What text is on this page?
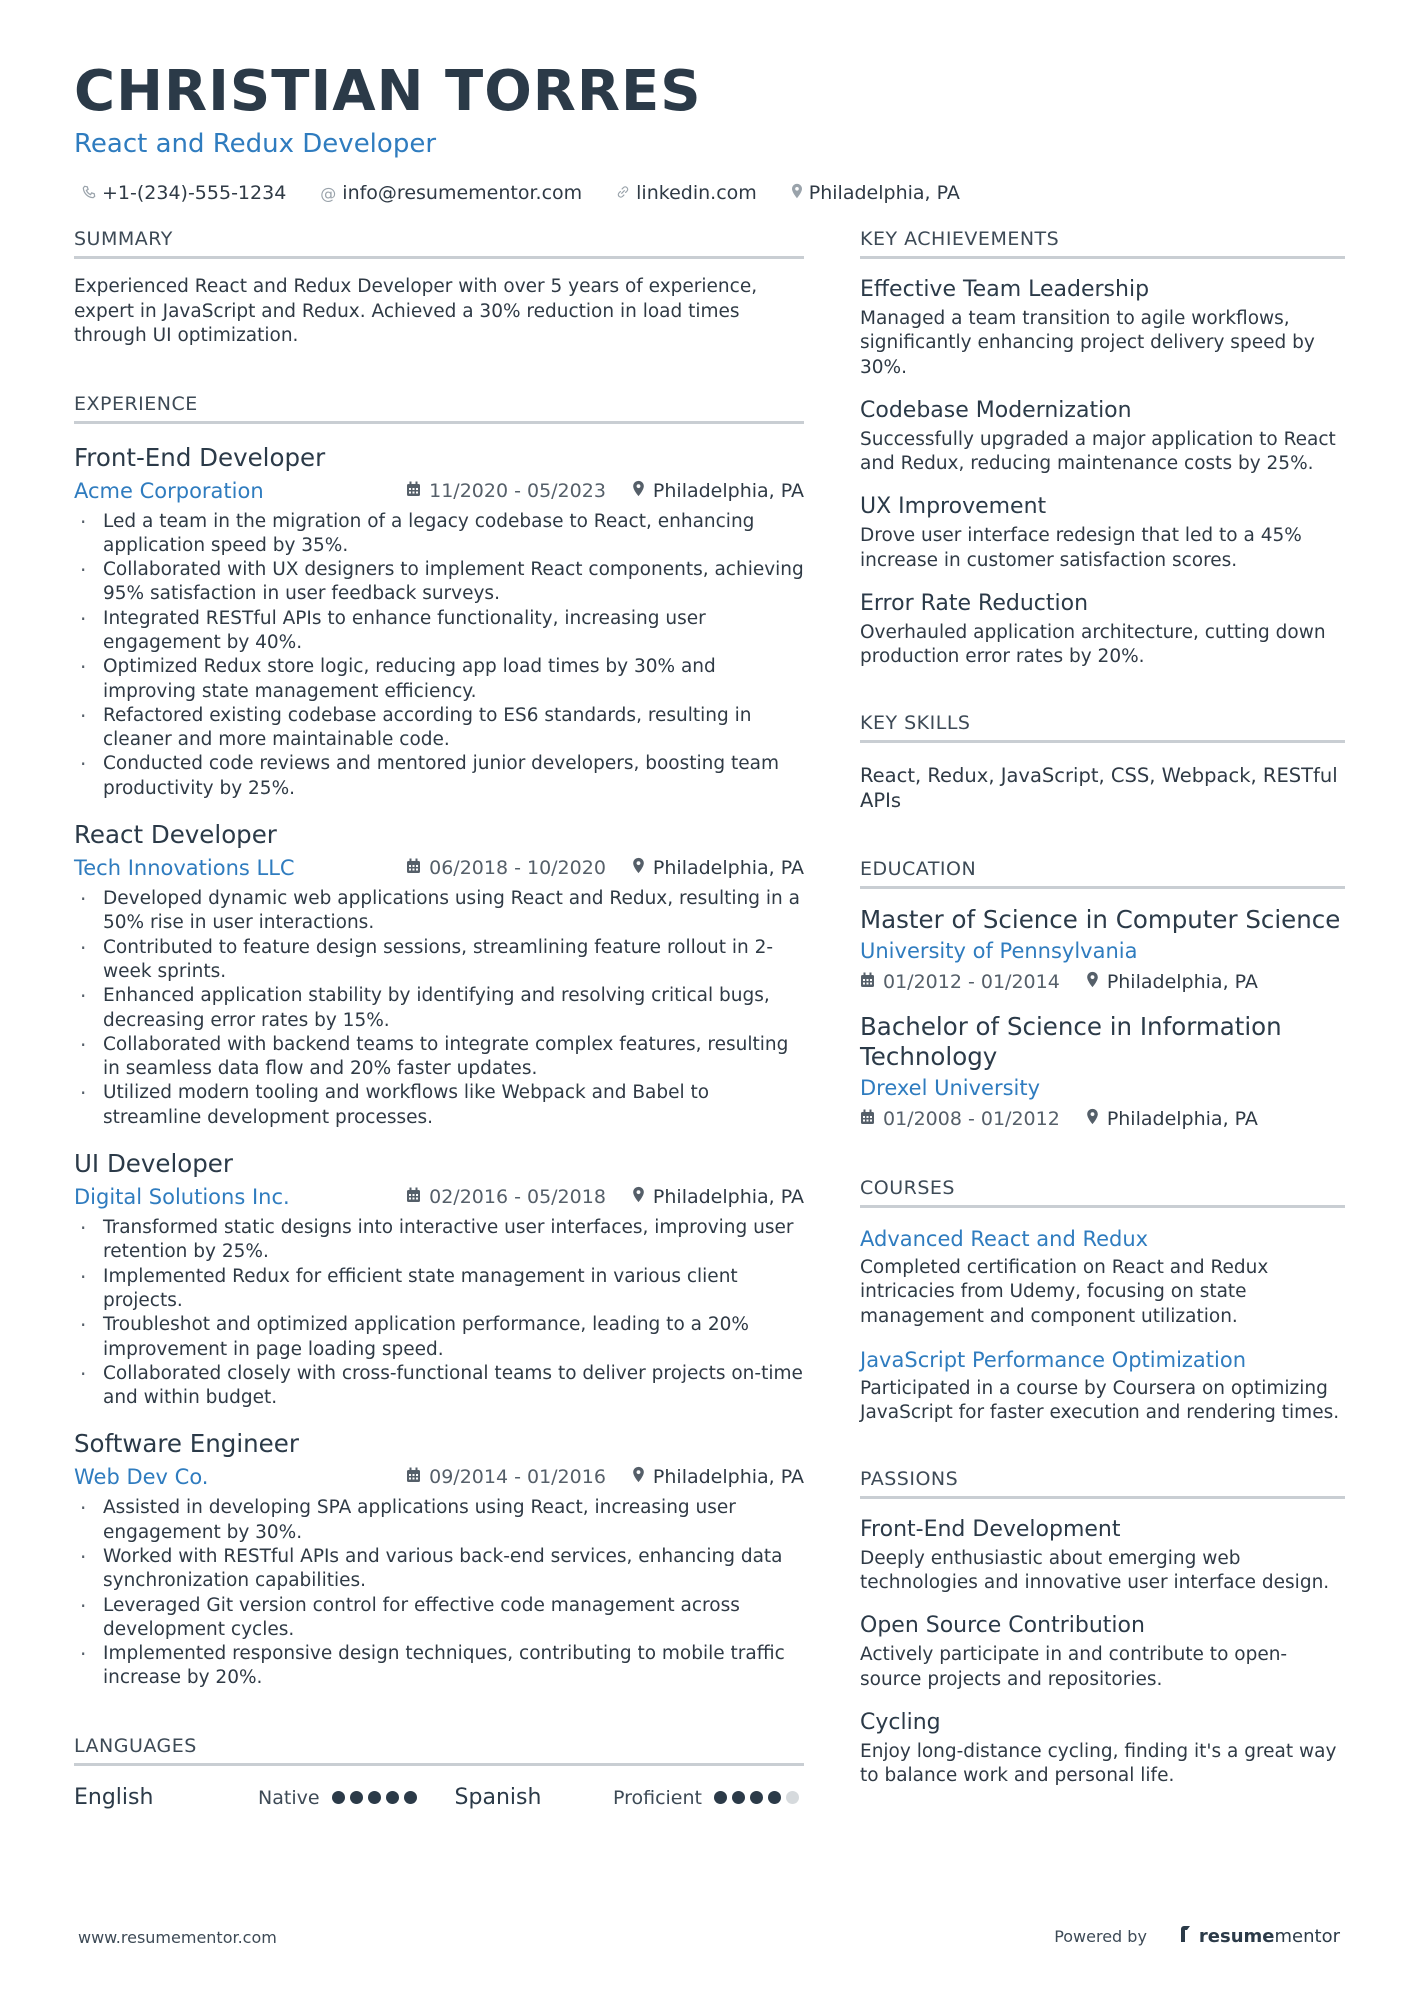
CHRISTIAN TORRES
React and Redux Developer
+1-(234)-555-1234 @ info@resumementor.com	linkedin.com	Philadelphia, PA
SUMMARY
Experienced React and Redux Developer with over 5 years of experience, expert in JavaScript and Redux. Achieved a 30% reduction in load times through UI optimization.
EXPERIENCE
Front-End Developer
Acme Corporation	11/2020 - 05/2023 Philadelphia, PA
· Led a team in the migration of a legacy codebase to React, enhancing application speed by 35%.
· Collaborated with UX designers to implement React components, achieving 95% satisfaction in user feedback surveys.
· Integrated RESTful APIs to enhance functionality, increasing user engagement by 40%.
· Optimized Redux store logic, reducing app load times by 30% and improving state management efficiency.
· Refactored existing codebase according to ES6 standards, resulting in cleaner and more maintainable code.
· Conducted code reviews and mentored junior developers, boosting team productivity by 25%.
React Developer
Tech Innovations LLC	06/2018 - 10/2020 Philadelphia, PA
· Developed dynamic web applications using React and Redux, resulting in a 50% rise in user interactions.
· Contributed to feature design sessions, streamlining feature rollout in 2-week sprints.
· Enhanced application stability by identifying and resolving critical bugs, decreasing error rates by 15%.
· Collaborated with backend teams to integrate complex features, resulting in seamless data flow and 20% faster updates.
· Utilized modern tooling and workflows like Webpack and Babel to streamline development processes.
UI Developer
Digital Solutions Inc.	02/2016 - 05/2018 Philadelphia, PA
· Transformed static designs into interactive user interfaces, improving user retention by 25%.
· Implemented Redux for efficient state management in various client projects.
· Troubleshot and optimized application performance, leading to a 20% improvement in page loading speed.
· Collaborated closely with cross-functional teams to deliver projects on-time and within budget.
Software Engineer
Web Dev Co.	09/2014 - 01/2016 Philadelphia, PA
· Assisted in developing SPA applications using React, increasing user engagement by 30%.
· Worked with RESTful APIs and various back-end services, enhancing data synchronization capabilities.
· Leveraged Git version control for effective code management across development cycles.
· Implemented responsive design techniques, contributing to mobile traffic increase by 20%.
LANGUAGES
English	Native	Spanish	Proficient
KEY ACHIEVEMENTS
Effective Team Leadership
Managed a team transition to agile workflows, significantly enhancing project delivery speed by 30%.
Codebase Modernization
Successfully upgraded a major application to React and Redux, reducing maintenance costs by 25%.
UX Improvement
Drove user interface redesign that led to a 45% increase in customer satisfaction scores.
Error Rate Reduction
Overhauled application architecture, cutting down production error rates by 20%.
KEY SKILLS
React, Redux, JavaScript, CSS, Webpack, RESTful APIs
EDUCATION
Master of Science in Computer Science
University of Pennsylvania
01/2012 - 01/2014 Philadelphia, PA
Bachelor of Science in Information Technology
Drexel University
01/2008 - 01/2012 Philadelphia, PA
COURSES
Advanced React and Redux
Completed certification on React and Redux intricacies from Udemy, focusing on state management and component utilization.
JavaScript Performance Optimization
Participated in a course by Coursera on optimizing JavaScript for faster execution and rendering times.
PASSIONS
Front-End Development
Deeply enthusiastic about emerging web technologies and innovative user interface design.
Open Source Contribution
Actively participate in and contribute to open-source projects and repositories.
Cycling
Enjoy long-distance cycling, finding it's a great way to balance work and personal life.
www.resumementor.com	Powered by	resume mentor
